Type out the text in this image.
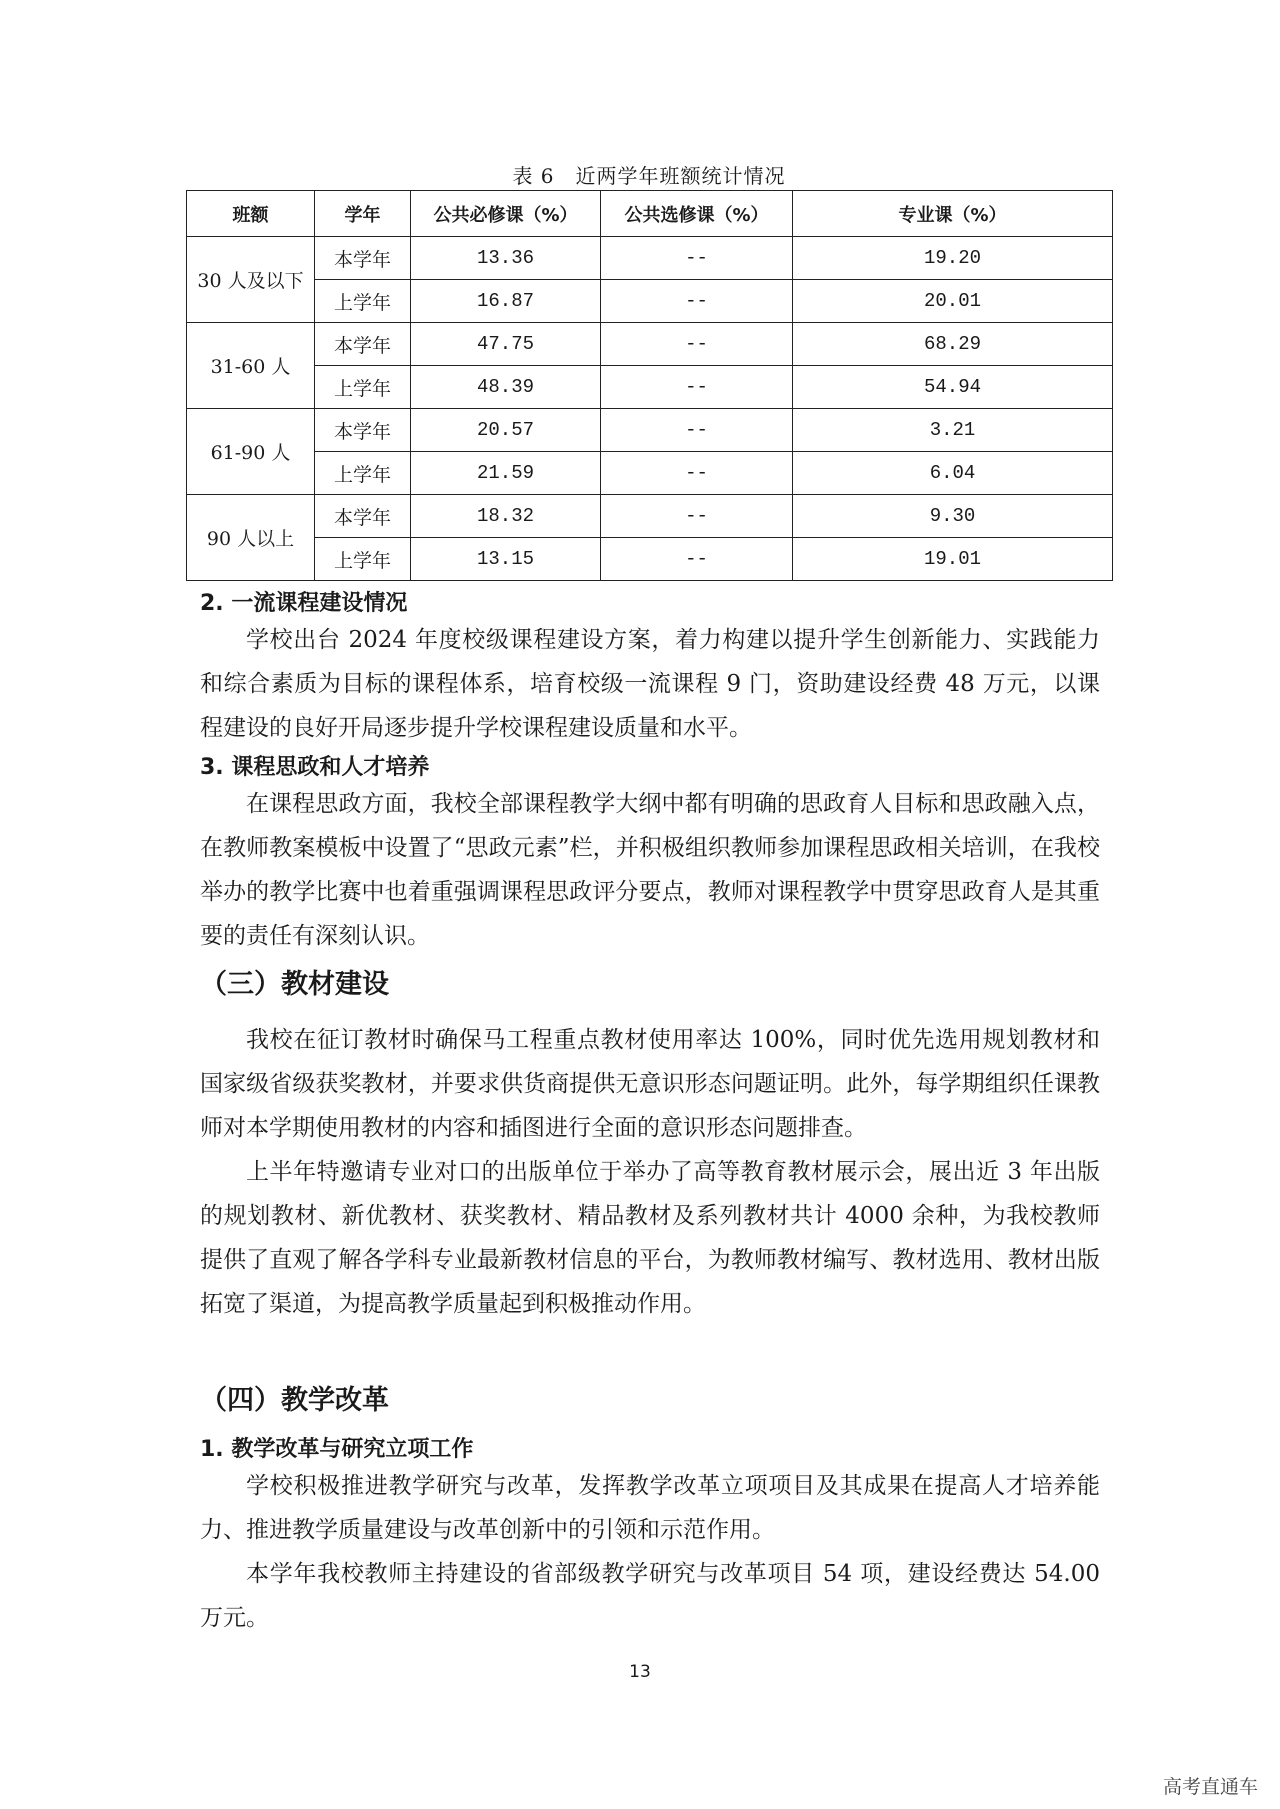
表 6　近两学年班额统计情况
班额	学年	公共必修课（%）	公共选修课（%）	专业课（%）
30 人及以下	本学年	13.36	--	19.20
	上学年	16.87	--	20.01
31-60 人	本学年	47.75	--	68.29
	上学年	48.39	--	54.94
61-90 人	本学年	20.57	--	3.21
	上学年	21.59	--	6.04
90 人以上	本学年	18.32	--	9.30
	上学年	13.15	--	19.01
2. 一流课程建设情况

学校出台 2024 年度校级课程建设方案，着力构建以提升学生创新能力、实践能力和综合素质为目标的课程体系，培育校级一流课程 9 门，资助建设经费 48 万元，以课程建设的良好开局逐步提升学校课程建设质量和水平。

3. 课程思政和人才培养

在课程思政方面，我校全部课程教学大纲中都有明确的思政育人目标和思政融入点，在教师教案模板中设置了“思政元素”栏，并积极组织教师参加课程思政相关培训，在我校举办的教学比赛中也着重强调课程思政评分要点，教师对课程教学中贯穿思政育人是其重要的责任有深刻认识。

（三）教材建设

我校在征订教材时确保马工程重点教材使用率达 100%，同时优先选用规划教材和国家级省级获奖教材，并要求供货商提供无意识形态问题证明。此外，每学期组织任课教师对本学期使用教材的内容和插图进行全面的意识形态问题排查。

上半年特邀请专业对口的出版单位于举办了高等教育教材展示会，展出近 3 年出版的规划教材、新优教材、获奖教材、精品教材及系列教材共计 4000 余种，为我校教师提供了直观了解各学科专业最新教材信息的平台，为教师教材编写、教材选用、教材出版拓宽了渠道，为提高教学质量起到积极推动作用。

（四）教学改革
1. 教学改革与研究立项工作

学校积极推进教学研究与改革，发挥教学改革立项项目及其成果在提高人才培养能力、推进教学质量建设与改革创新中的引领和示范作用。

本学年我校教师主持建设的省部级教学研究与改革项目 54 项，建设经费达 54.00 万元。

13
高考直通车
